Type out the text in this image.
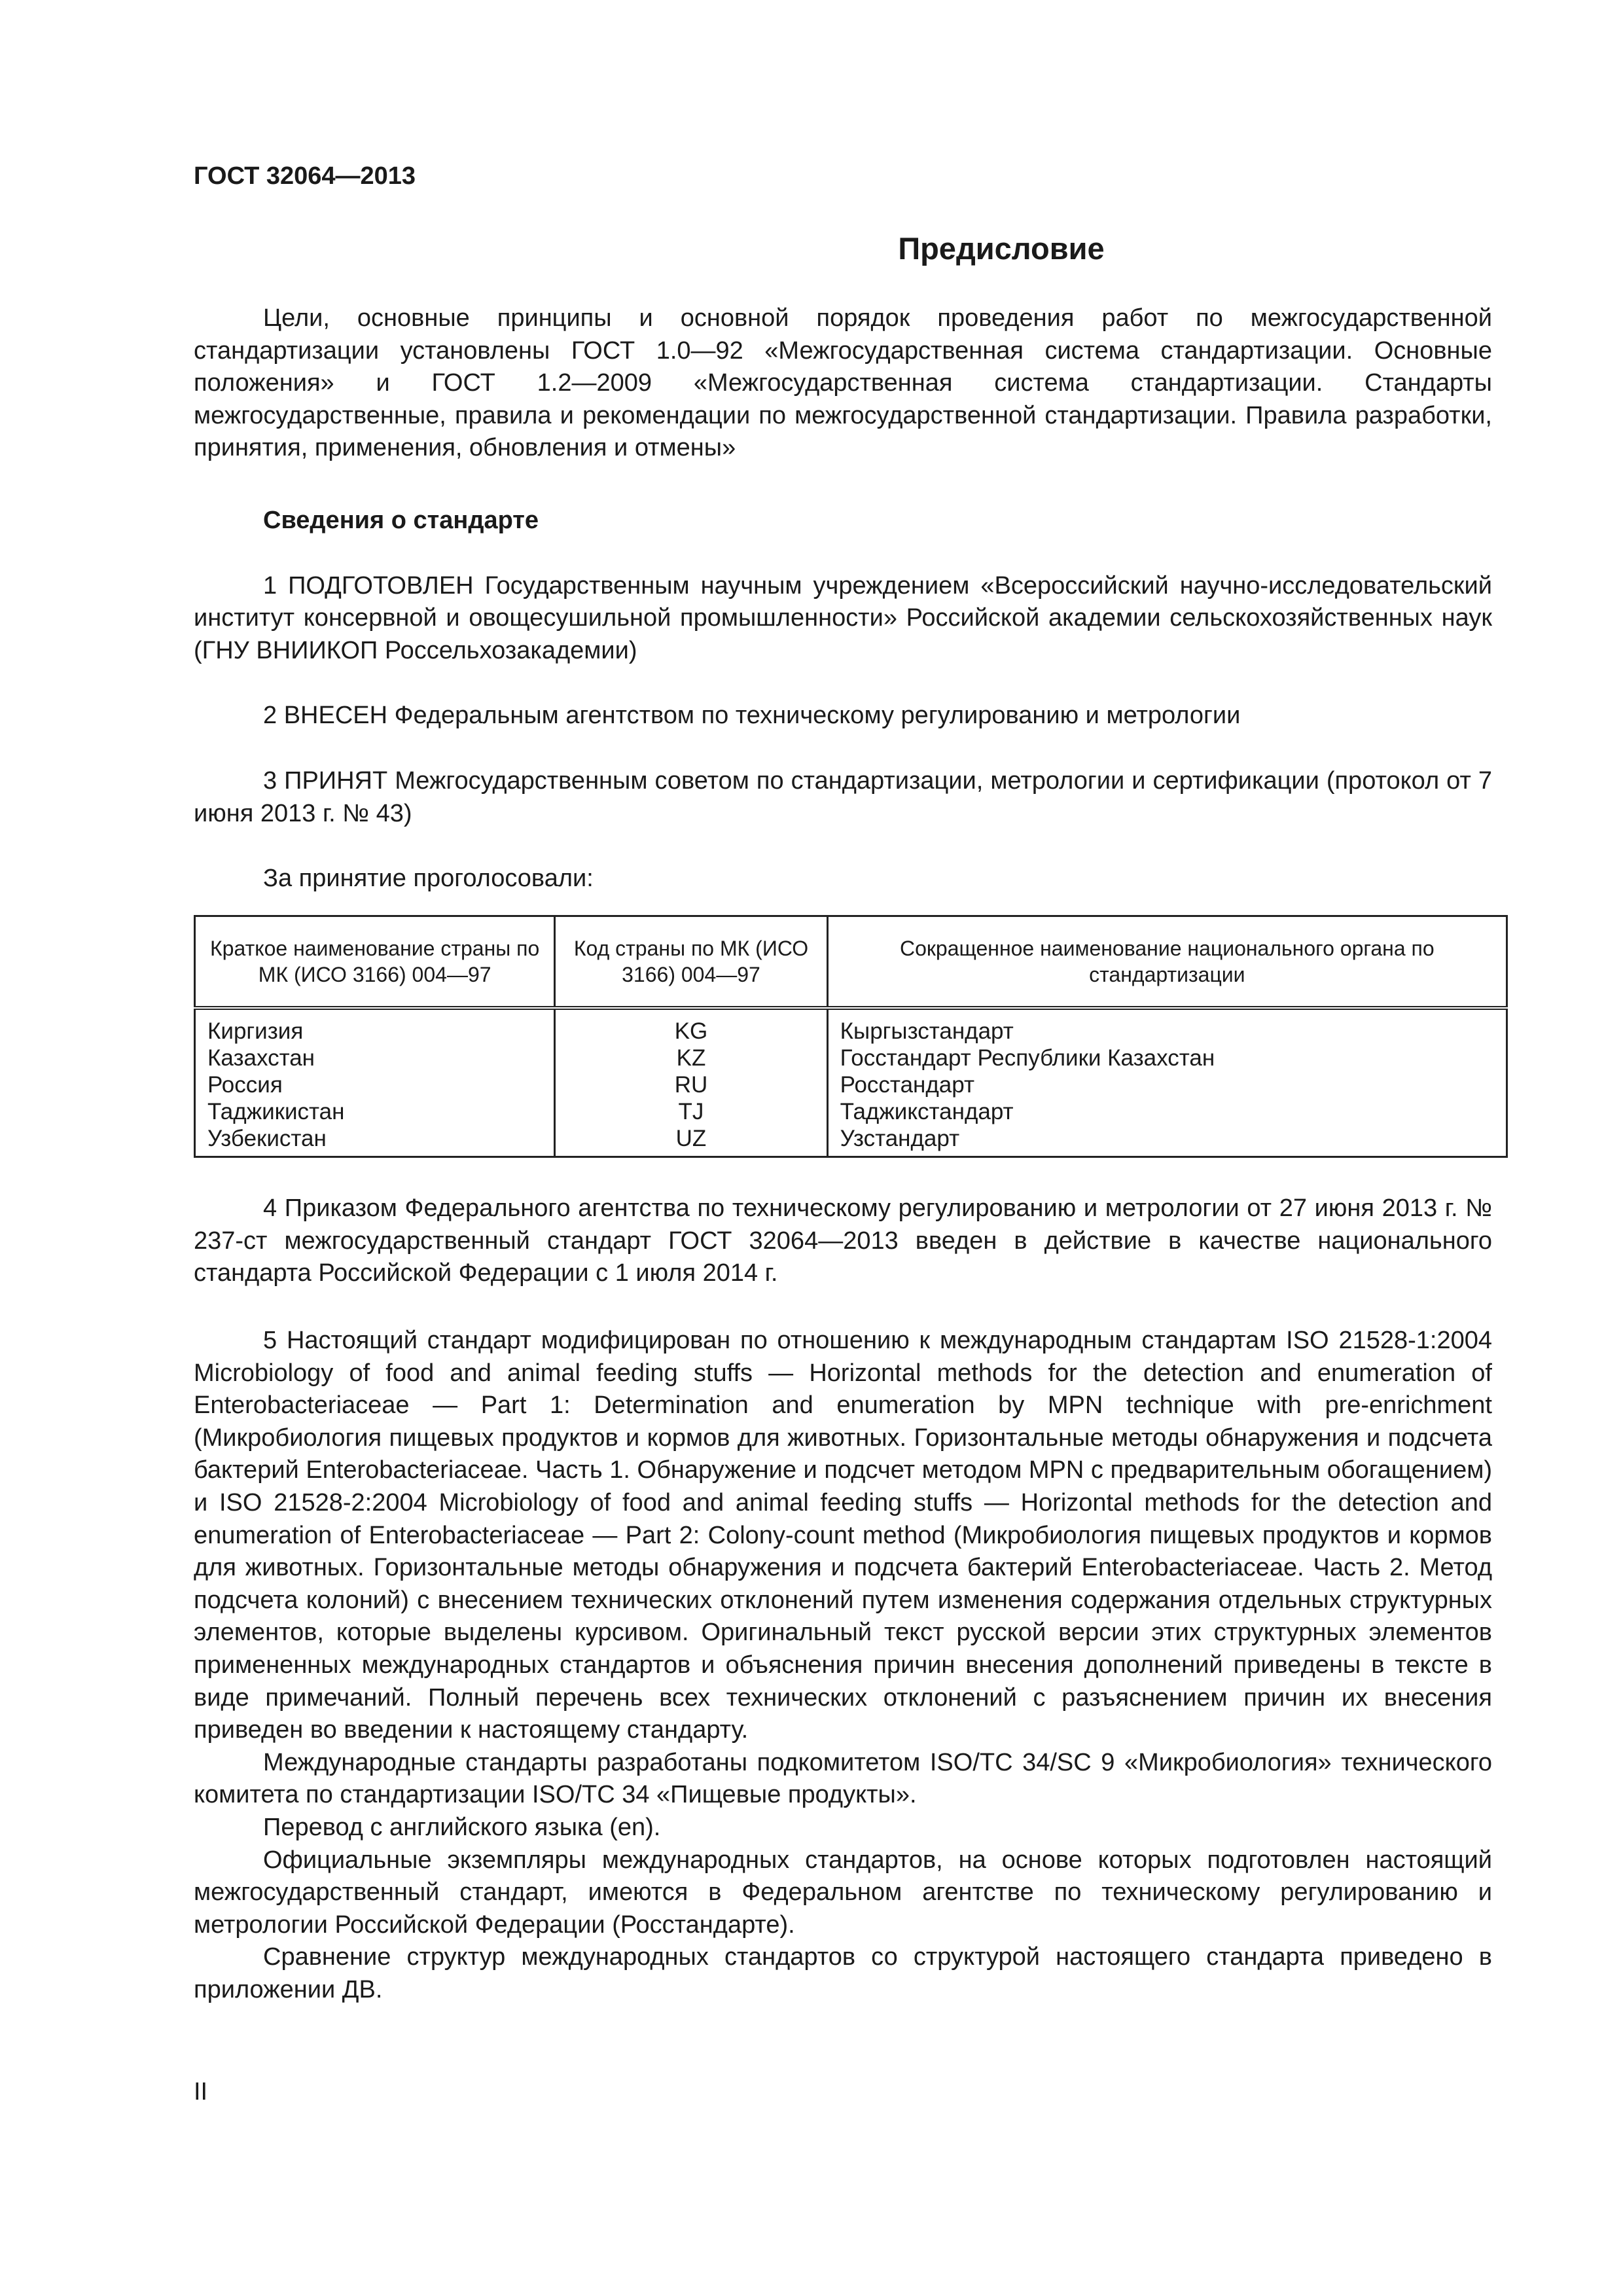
ГОСТ 32064—2013
Предисловие

Цели, основные принципы и основной порядок проведения работ по межгосударственной стандартизации установлены ГОСТ 1.0—92 «Межгосударственная система стандартизации. Основные положения» и ГОСТ 1.2—2009 «Межгосударственная система стандартизации. Стандарты межгосударственные, правила и рекомендации по межгосударственной стандартизации. Правила разработки, принятия, применения, обновления и отмены»

Сведения о стандарте

1 ПОДГОТОВЛЕН Государственным научным учреждением «Всероссийский научно-исследовательский институт консервной и овощесушильной промышленности» Российской академии сельскохозяйственных наук (ГНУ ВНИИКОП Россельхозакадемии)

2 ВНЕСЕН Федеральным агентством по техническому регулированию и метрологии

3 ПРИНЯТ Межгосударственным советом по стандартизации, метрологии и сертификации (протокол от 7 июня 2013 г. № 43)

За принятие проголосовали:

Краткое наименование страны по МК (ИСО 3166) 004—97	Код страны по МК (ИСО 3166) 004—97	Сокращенное наименование национального органа по стандартизации
Киргизия	KG	Кыргызстандарт
Казахстан	KZ	Госстандарт Республики Казахстан
Россия	RU	Росстандарт
Таджикистан	TJ	Таджикстандарт
Узбекистан	UZ	Узстандарт

4 Приказом Федерального агентства по техническому регулированию и метрологии от 27 июня 2013 г. № 237-ст межгосударственный стандарт ГОСТ 32064—2013 введен в действие в качестве национального стандарта Российской Федерации с 1 июля 2014 г.

5 Настоящий стандарт модифицирован по отношению к международным стандартам ISO 21528-1:2004 Microbiology of food and animal feeding stuffs — Horizontal methods for the detection and enumeration of Enterobacteriaceae — Part 1: Determination and enumeration by MPN technique with pre-enrichment (Микробиология пищевых продуктов и кормов для животных. Горизонтальные методы обнаружения и подсчета бактерий Enterobacteriaceae. Часть 1. Обнаружение и подсчет методом MPN с предварительным обогащением) и ISO 21528-2:2004 Microbiology of food and animal feeding stuffs — Horizontal methods for the detection and enumeration of Enterobacteriaceae — Part 2: Colony-count method (Микробиология пищевых продуктов и кормов для животных. Горизонтальные методы обнаружения и подсчета бактерий Enterobacteriaceae. Часть 2. Метод подсчета колоний) с внесением технических отклонений путем изменения содержания отдельных структурных элементов, которые выделены курсивом. Оригинальный текст русской версии этих структурных элементов примененных международных стандартов и объяснения причин внесения дополнений приведены в тексте в виде примечаний. Полный перечень всех технических отклонений с разъяснением причин их внесения приведен во введении к настоящему стандарту.

Международные стандарты разработаны подкомитетом ISO/TC 34/SC 9 «Микробиология» технического комитета по стандартизации ISO/TC 34 «Пищевые продукты».

Перевод с английского языка (en).

Официальные экземпляры международных стандартов, на основе которых подготовлен настоящий межгосударственный стандарт, имеются в Федеральном агентстве по техническому регулированию и метрологии Российской Федерации (Росстандарте).

Сравнение структур международных стандартов со структурой настоящего стандарта приведено в приложении ДВ.

II
